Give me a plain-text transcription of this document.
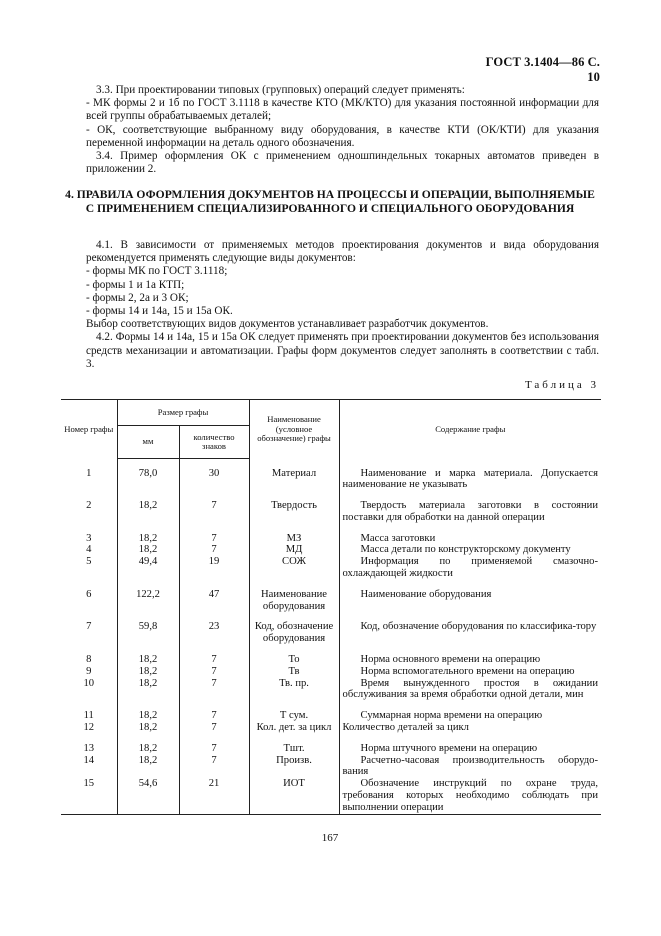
ГОСТ 3.1404—86 С. 10

3.3. При проектировании типовых (групповых) операций следует применять:

- МК формы 2 и 1б по ГОСТ 3.1118 в качестве КТО (МК/КТО) для указания постоянной информации для всей группы обрабатываемых деталей;

- ОК, соответствующие выбранному виду оборудования, в качестве КТИ (ОК/КТИ) для указания переменной информации на деталь одного обозначения.

3.4. Пример оформления ОК с применением одношпиндельных токарных автоматов приведен в приложении 2.

4. ПРАВИЛА ОФОРМЛЕНИЯ ДОКУМЕНТОВ НА ПРОЦЕССЫ И ОПЕРАЦИИ, ВЫПОЛНЯЕМЫЕ С ПРИМЕНЕНИЕМ СПЕЦИАЛИЗИРОВАННОГО И СПЕЦИАЛЬНОГО ОБОРУДОВАНИЯ

4.1. В зависимости от применяемых методов проектирования документов и вида оборудования рекомендуется применять следующие виды документов:

- формы МК по ГОСТ 3.1118;

- формы 1 и 1а КТП;

- формы 2, 2а и 3 ОК;

- формы 14 и 14а, 15 и 15а ОК.

Выбор соответствующих видов документов устанавливает разработчик документов.

4.2. Формы 14 и 14а, 15 и 15а ОК следует применять при проектировании документов без использования средств механизации и автоматизации. Графы форм документов следует заполнять в соответствии с табл. 3.

Таблица 3
Номер графы	Размер графы		Наименование (условное обозначение) графы	Содержание графы
	мм	количество знаков		
1	78,0	30	Материал	Наименование и марка материала. Допускается наименование не указывать

2	18,2	7	Твердость	Твердость материала заготовки в состоянии поставки для обработки на данной операции

3	18,2	7	МЗ	Масса заготовки

4	18,2	7	МД	Масса детали по конструкторскому документу

5	49,4	19	СОЖ	Информация по применяемой смазочно-охлаждающей жидкости

6	122,2	47	Наименование оборудования	Наименование оборудования

7	59,8	23	Код, обозначение оборудования	Код, обозначение оборудования по классифика-тору

8	18,2	7	То	Норма основного времени на операцию

9	18,2	7	Тв	Норма вспомогательного времени на операцию

10	18,2	7	Тв. пр.	Время вынужденного простоя в ожидании обслуживания за время обработки одной детали, мин

11	18,2	7	Т сум.	Суммарная норма времени на операцию

12	18,2	7	Кол. дет. за цикл	Количество деталей за цикл

13	18,2	7	Тшт.	Норма штучного времени на операцию

14	18,2	7	Произв.	Расчетно-часовая производительность оборудо-вания

15	54,6	21	ИОТ	Обозначение инструкций по охране труда, требования которых необходимо соблюдать при выполнении операции
167
